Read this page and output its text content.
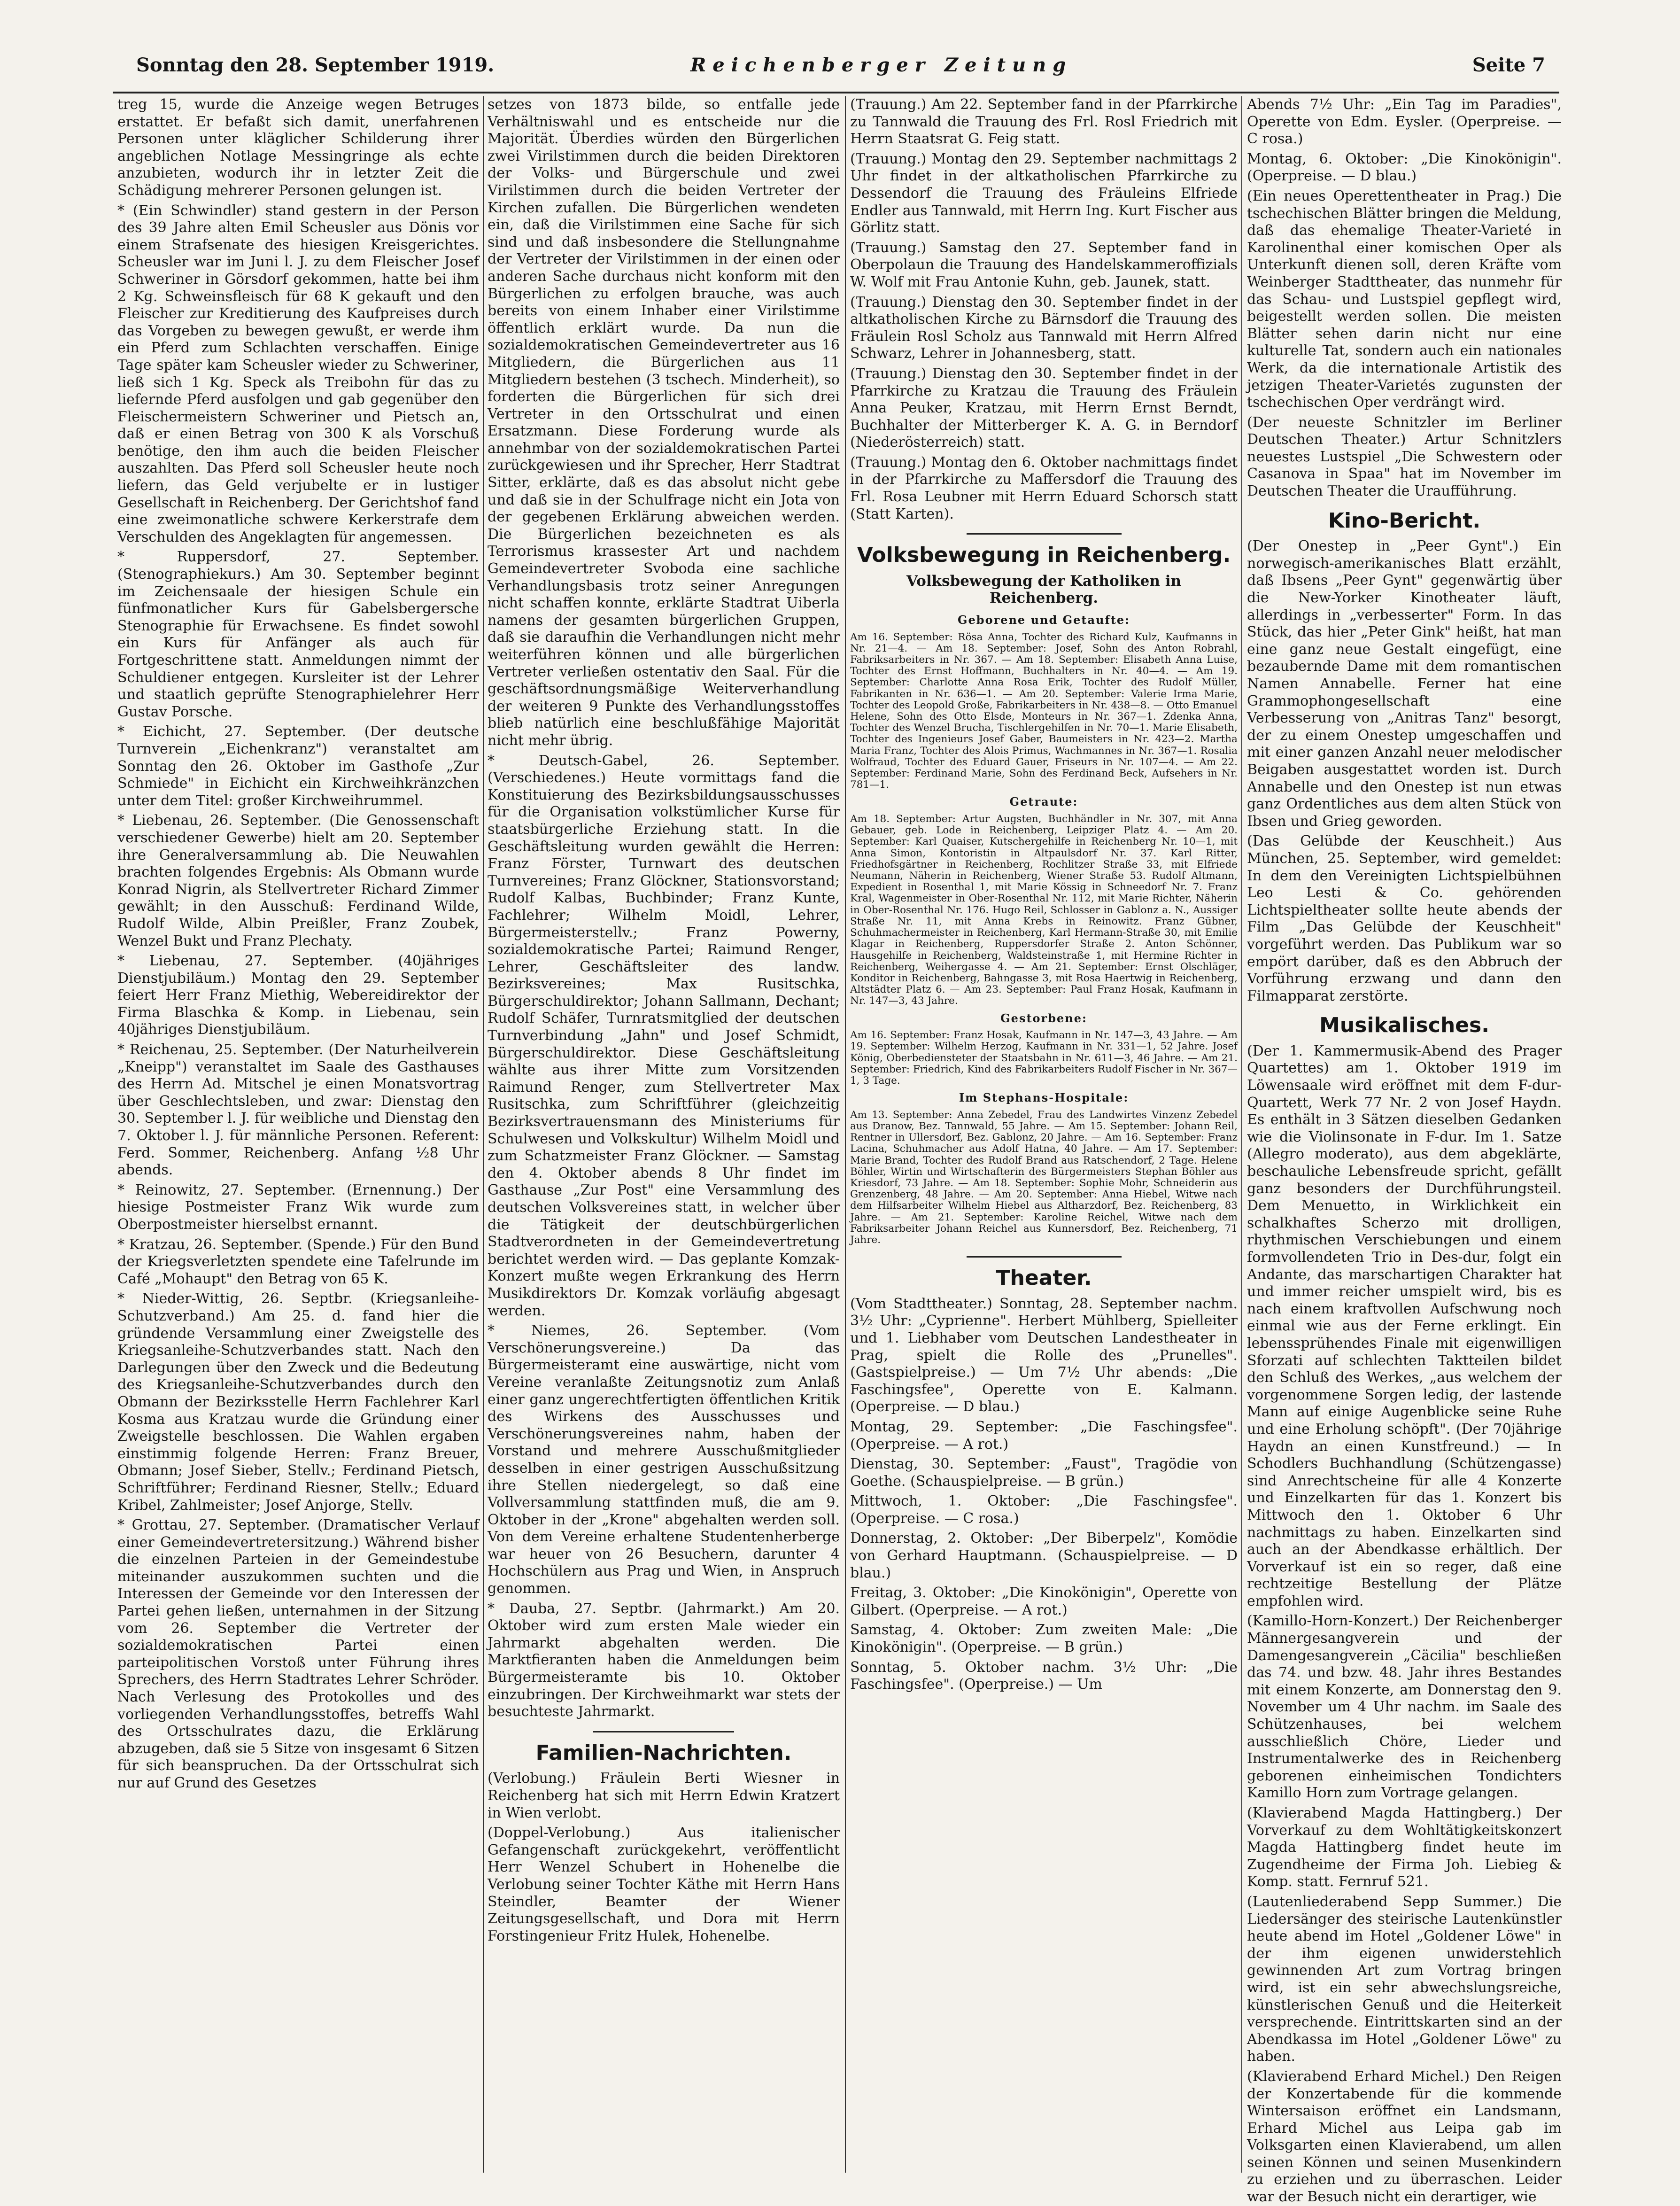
Sonntag den 28. September 1919.	Reichenberger Zeitung	Seite 7

treg 15, wurde die Anzeige wegen Betruges erstattet. Er befaßt sich damit, unerfahrenen Personen unter kläglicher Schilderung ihrer angeblichen Notlage Messingringe als echte anzubieten, wodurch ihr in letzter Zeit die Schädigung mehrerer Personen gelungen ist.

* (Ein Schwindler) stand gestern in der Person des 39 Jahre alten Emil Scheusler aus Dönis vor einem Strafsenate des hiesigen Kreisgerichtes. Scheusler war im Juni l. J. zu dem Fleischer Josef Schweriner in Görsdorf gekommen, hatte bei ihm 2 Kg. Schweinsfleisch für 68 K gekauft und den Fleischer zur Kreditierung des Kaufpreises durch das Vorgeben zu bewegen gewußt, er werde ihm ein Pferd zum Schlachten verschaffen. Einige Tage später kam Scheusler wieder zu Schweriner, ließ sich 1 Kg. Speck als Treibohn für das zu liefernde Pferd ausfolgen und gab gegenüber den Fleischermeistern Schweriner und Pietsch an, daß er einen Betrag von 300 K als Vorschuß benötige, den ihm auch die beiden Fleischer auszahlten. Das Pferd soll Scheusler heute noch liefern, das Geld verjubelte er in lustiger Gesellschaft in Reichenberg. Der Gerichtshof fand eine zweimonatliche schwere Kerkerstrafe dem Verschulden des Angeklagten für angemessen.

* Ruppersdorf, 27. September. (Stenographiekurs.) Am 30. September beginnt im Zeichensaale der hiesigen Schule ein fünfmonatlicher Kurs für Gabelsbergersche Stenographie für Erwachsene. Es findet sowohl ein Kurs für Anfänger als auch für Fortgeschrittene statt. Anmeldungen nimmt der Schuldiener entgegen. Kursleiter ist der Lehrer und staatlich geprüfte Stenographielehrer Herr Gustav Porsche.

* Eichicht, 27. September. (Der deutsche Turnverein „Eichenkranz") veranstaltet am Sonntag den 26. Oktober im Gasthofe „Zur Schmiede" in Eichicht ein Kirchweihkränzchen unter dem Titel: großer Kirchweihrummel.

* Liebenau, 26. September. (Die Genossenschaft verschiedener Gewerbe) hielt am 20. September ihre Generalversammlung ab. Die Neuwahlen brachten folgendes Ergebnis: Als Obmann wurde Konrad Nigrin, als Stellvertreter Richard Zimmer gewählt; in den Ausschuß: Ferdinand Wilde, Rudolf Wilde, Albin Preißler, Franz Zoubek, Wenzel Bukt und Franz Plechaty.

* Liebenau, 27. September. (40jähriges Dienstjubiläum.) Montag den 29. September feiert Herr Franz Miethig, Webereidirektor der Firma Blaschka & Komp. in Liebenau, sein 40jähriges Dienstjubiläum.

* Reichenau, 25. September. (Der Naturheilverein „Kneipp") veranstaltet im Saale des Gasthauses des Herrn Ad. Mitschel je einen Monatsvortrag über Geschlechtsleben, und zwar: Dienstag den 30. September l. J. für weibliche und Dienstag den 7. Oktober l. J. für männliche Personen. Referent: Ferd. Sommer, Reichenberg. Anfang ½8 Uhr abends.

* Reinowitz, 27. September. (Ernennung.) Der hiesige Postmeister Franz Wik wurde zum Oberpostmeister hierselbst ernannt.

* Kratzau, 26. September. (Spende.) Für den Bund der Kriegsverletzten spendete eine Tafelrunde im Café „Mohaupt" den Betrag von 65 K.

* Nieder-Wittig, 26. Septbr. (Kriegsanleihe-Schutzverband.) Am 25. d. fand hier die gründende Versammlung einer Zweigstelle des Kriegsanleihe-Schutzverbandes statt. Nach den Darlegungen über den Zweck und die Bedeutung des Kriegsanleihe-Schutzverbandes durch den Obmann der Bezirksstelle Herrn Fachlehrer Karl Kosma aus Kratzau wurde die Gründung einer Zweigstelle beschlossen. Die Wahlen ergaben einstimmig folgende Herren: Franz Breuer, Obmann; Josef Sieber, Stellv.; Ferdinand Pietsch, Schriftführer; Ferdinand Riesner, Stellv.; Eduard Kribel, Zahlmeister; Josef Anjorge, Stellv.

* Grottau, 27. September. (Dramatischer Verlauf einer Gemeindevertretersitzung.) Während bisher die einzelnen Parteien in der Gemeindestube miteinander auszukommen suchten und die Interessen der Gemeinde vor den Interessen der Partei gehen ließen, unternahmen in der Sitzung vom 26. September die Vertreter der sozialdemokratischen Partei einen parteipolitischen Vorstoß unter Führung ihres Sprechers, des Herrn Stadtrates Lehrer Schröder. Nach Verlesung des Protokolles und des vorliegenden Verhandlungsstoffes, betreffs Wahl des Ortsschulrates dazu, die Erklärung abzugeben, daß sie 5 Sitze von insgesamt 6 Sitzen für sich beanspruchen. Da der Ortsschulrat sich nur auf Grund des Gesetzes

setzes von 1873 bilde, so entfalle jede Verhältniswahl und es entscheide nur die Majorität. Überdies würden den Bürgerlichen zwei Virilstimmen durch die beiden Direktoren der Volks- und Bürgerschule und zwei Virilstimmen durch die beiden Vertreter der Kirchen zufallen. Die Bürgerlichen wendeten ein, daß die Virilstimmen eine Sache für sich sind und daß insbesondere die Stellungnahme der Vertreter der Virilstimmen in der einen oder anderen Sache durchaus nicht konform mit den Bürgerlichen zu erfolgen brauche, was auch bereits von einem Inhaber einer Virilstimme öffentlich erklärt wurde. Da nun die sozialdemokratischen Gemeindevertreter aus 16 Mitgliedern, die Bürgerlichen aus 11 Mitgliedern bestehen (3 tschech. Minderheit), so forderten die Bürgerlichen für sich drei Vertreter in den Ortsschulrat und einen Ersatzmann. Diese Forderung wurde als annehmbar von der sozialdemokratischen Partei zurückgewiesen und ihr Sprecher, Herr Stadtrat Sitter, erklärte, daß es das absolut nicht gebe und daß sie in der Schulfrage nicht ein Jota von der gegebenen Erklärung abweichen werden. Die Bürgerlichen bezeichneten es als Terrorismus krassester Art und nachdem Gemeindevertreter Svoboda eine sachliche Verhandlungsbasis trotz seiner Anregungen nicht schaffen konnte, erklärte Stadtrat Uiberla namens der gesamten bürgerlichen Gruppen, daß sie daraufhin die Verhandlungen nicht mehr weiterführen können und alle bürgerlichen Vertreter verließen ostentativ den Saal. Für die geschäftsordnungsmäßige Weiterverhandlung der weiteren 9 Punkte des Verhandlungsstoffes blieb natürlich eine beschlußfähige Majorität nicht mehr übrig.

* Deutsch-Gabel, 26. September. (Verschiedenes.) Heute vormittags fand die Konstituierung des Bezirksbildungsausschusses für die Organisation volkstümlicher Kurse für staatsbürgerliche Erziehung statt. In die Geschäftsleitung wurden gewählt die Herren: Franz Förster, Turnwart des deutschen Turnvereines; Franz Glöckner, Stationsvorstand; Rudolf Kalbas, Buchbinder; Franz Kunte, Fachlehrer; Wilhelm Moidl, Lehrer, Bürgermeisterstellv.; Franz Powerny, sozialdemokratische Partei; Raimund Renger, Lehrer, Geschäftsleiter des landw. Bezirksvereines; Max Rusitschka, Bürgerschuldirektor; Johann Sallmann, Dechant; Rudolf Schäfer, Turnratsmitglied der deutschen Turnverbindung „Jahn" und Josef Schmidt, Bürgerschuldirektor. Diese Geschäftsleitung wählte aus ihrer Mitte zum Vorsitzenden Raimund Renger, zum Stellvertreter Max Rusitschka, zum Schriftführer (gleichzeitig Bezirksvertrauensmann des Ministeriums für Schulwesen und Volkskultur) Wilhelm Moidl und zum Schatzmeister Franz Glöckner. — Samstag den 4. Oktober abends 8 Uhr findet im Gasthause „Zur Post" eine Versammlung des deutschen Volksvereines statt, in welcher über die Tätigkeit der deutschbürgerlichen Stadtverordneten in der Gemeindevertretung berichtet werden wird. — Das geplante Komzak-Konzert mußte wegen Erkrankung des Herrn Musikdirektors Dr. Komzak vorläufig abgesagt werden.

* Niemes, 26. September. (Vom Verschönerungsvereine.) Da das Bürgermeisteramt eine auswärtige, nicht vom Vereine veranlaßte Zeitungsnotiz zum Anlaß einer ganz ungerechtfertigten öffentlichen Kritik des Wirkens des Ausschusses und Verschönerungsvereines nahm, haben der Vorstand und mehrere Ausschußmitglieder desselben in einer gestrigen Ausschußsitzung ihre Stellen niedergelegt, so daß eine Vollversammlung stattfinden muß, die am 9. Oktober in der „Krone" abgehalten werden soll. Von dem Vereine erhaltene Studentenherberge war heuer von 26 Besuchern, darunter 4 Hochschülern aus Prag und Wien, in Anspruch genommen.

* Dauba, 27. Septbr. (Jahrmarkt.) Am 20. Oktober wird zum ersten Male wieder ein Jahrmarkt abgehalten werden. Die Marktfieranten haben die Anmeldungen beim Bürgermeisteramte bis 10. Oktober einzubringen. Der Kirchweihmarkt war stets der besuchteste Jahrmarkt.

Familien-Nachrichten.

(Verlobung.) Fräulein Berti Wiesner in Reichenberg hat sich mit Herrn Edwin Kratzert in Wien verlobt.

(Doppel-Verlobung.) Aus italienischer Gefangenschaft zurückgekehrt, veröffentlicht Herr Wenzel Schubert in Hohenelbe die Verlobung seiner Tochter Käthe mit Herrn Hans Steindler, Beamter der Wiener Zeitungsgesellschaft, und Dora mit Herrn Forstingenieur Fritz Hulek, Hohenelbe.

(Trauung.) Am 22. September fand in der Pfarrkirche zu Tannwald die Trauung des Frl. Rosl Friedrich mit Herrn Staatsrat G. Feig statt.

(Trauung.) Montag den 29. September nachmittags 2 Uhr findet in der altkatholischen Pfarrkirche zu Dessendorf die Trauung des Fräuleins Elfriede Endler aus Tannwald, mit Herrn Ing. Kurt Fischer aus Görlitz statt.

(Trauung.) Samstag den 27. September fand in Oberpolaun die Trauung des Handelskammeroffizials W. Wolf mit Frau Antonie Kuhn, geb. Jaunek, statt.

(Trauung.) Dienstag den 30. September findet in der altkatholischen Kirche zu Bärnsdorf die Trauung des Fräulein Rosl Scholz aus Tannwald mit Herrn Alfred Schwarz, Lehrer in Johannesberg, statt.

(Trauung.) Dienstag den 30. September findet in der Pfarrkirche zu Kratzau die Trauung des Fräulein Anna Peuker, Kratzau, mit Herrn Ernst Berndt, Buchhalter der Mitterberger K. A. G. in Berndorf (Niederösterreich) statt.

(Trauung.) Montag den 6. Oktober nachmittags findet in der Pfarrkirche zu Maffersdorf die Trauung des Frl. Rosa Leubner mit Herrn Eduard Schorsch statt (Statt Karten).

Volksbewegung in Reichenberg.
Volksbewegung der Katholiken in Reichenberg.
Geborene und Getaufte:

Am 16. September: Rösa Anna, Tochter des Richard Kulz, Kaufmanns in Nr. 21—4. — Am 18. September: Josef, Sohn des Anton Robrahl, Fabriksarbeiters in Nr. 367. — Am 18. September: Elisabeth Anna Luise, Tochter des Ernst Hoffmann, Buchhalters in Nr. 40—4. — Am 19. September: Charlotte Anna Rosa Erik, Tochter des Rudolf Müller, Fabrikanten in Nr. 636—1. — Am 20. September: Valerie Irma Marie, Tochter des Leopold Große, Fabrikarbeiters in Nr. 438—8. — Otto Emanuel Helene, Sohn des Otto Elsde, Monteurs in Nr. 367—1. Zdenka Anna, Tochter des Wenzel Brucha, Tischlergehilfen in Nr. 70—1. Marie Elisabeth, Tochter des Ingenieurs Josef Gaber, Baumeisters in Nr. 423—2. Martha Maria Franz, Tochter des Alois Primus, Wachmannes in Nr. 367—1. Rosalia Wolfraud, Tochter des Eduard Gauer, Friseurs in Nr. 107—4. — Am 22. September: Ferdinand Marie, Sohn des Ferdinand Beck, Aufsehers in Nr. 781—1.

Getraute:

Am 18. September: Artur Augsten, Buchhändler in Nr. 307, mit Anna Gebauer, geb. Lode in Reichenberg, Leipziger Platz 4. — Am 20. September: Karl Quaiser, Kutschergehilfe in Reichenberg Nr. 10—1, mit Anna Simon, Kontoristin in Altpaulsdorf Nr. 37. Karl Ritter, Friedhofsgärtner in Reichenberg, Rochlitzer Straße 33, mit Elfriede Neumann, Näherin in Reichenberg, Wiener Straße 53. Rudolf Altmann, Expedient in Rosenthal 1, mit Marie Kössig in Schneedorf Nr. 7. Franz Kral, Wagenmeister in Ober-Rosenthal Nr. 112, mit Marie Richter, Näherin in Ober-Rosenthal Nr. 176. Hugo Reil, Schlosser in Gablonz a. N., Aussiger Straße Nr. 11, mit Anna Krebs in Reinowitz. Franz Gübner, Schuhmachermeister in Reichenberg, Karl Hermann-Straße 30, mit Emilie Klagar in Reichenberg, Ruppersdorfer Straße 2. Anton Schönner, Hausgehilfe in Reichenberg, Waldsteinstraße 1, mit Hermine Richter in Reichenberg, Weihergasse 4. — Am 21. September: Ernst Olschläger, Konditor in Reichenberg, Bahngasse 3, mit Rosa Haertwig in Reichenberg, Altstädter Platz 6. — Am 23. September: Paul Franz Hosak, Kaufmann in Nr. 147—3, 43 Jahre.

Gestorbene:

Am 16. September: Franz Hosak, Kaufmann in Nr. 147—3, 43 Jahre. — Am 19. September: Wilhelm Herzog, Kaufmann in Nr. 331—1, 52 Jahre. Josef König, Oberbediensteter der Staatsbahn in Nr. 611—3, 46 Jahre. — Am 21. September: Friedrich, Kind des Fabrikarbeiters Rudolf Fischer in Nr. 367—1, 3 Tage.

Im Stephans-Hospitale:

Am 13. September: Anna Zebedel, Frau des Landwirtes Vinzenz Zebedel aus Dranow, Bez. Tannwald, 55 Jahre. — Am 15. September: Johann Reil, Rentner in Ullersdorf, Bez. Gablonz, 20 Jahre. — Am 16. September: Franz Lacina, Schuhmacher aus Adolf Hatna, 40 Jahre. — Am 17. September: Marie Brand, Tochter des Rudolf Brand aus Ratschendorf, 2 Tage. Helene Böhler, Wirtin und Wirtschafterin des Bürgermeisters Stephan Böhler aus Kriesdorf, 73 Jahre. — Am 18. September: Sophie Mohr, Schneiderin aus Grenzenberg, 48 Jahre. — Am 20. September: Anna Hiebel, Witwe nach dem Hilfsarbeiter Wilhelm Hiebel aus Altharzdorf, Bez. Reichenberg, 83 Jahre. — Am 21. September: Karoline Reichel, Witwe nach dem Fabriksarbeiter Johann Reichel aus Kunnersdorf, Bez. Reichenberg, 71 Jahre.

Theater.

(Vom Stadttheater.) Sonntag, 28. September nachm. 3½ Uhr: „Cyprienne". Herbert Mühlberg, Spielleiter und 1. Liebhaber vom Deutschen Landestheater in Prag, spielt die Rolle des „Prunelles". (Gastspielpreise.) — Um 7½ Uhr abends: „Die Faschingsfee", Operette von E. Kalmann. (Operpreise. — D blau.)

Montag, 29. September: „Die Faschingsfee". (Operpreise. — A rot.)

Dienstag, 30. September: „Faust", Tragödie von Goethe. (Schauspielpreise. — B grün.)

Mittwoch, 1. Oktober: „Die Faschingsfee". (Operpreise. — C rosa.)

Donnerstag, 2. Oktober: „Der Biberpelz", Komödie von Gerhard Hauptmann. (Schauspielpreise. — D blau.)

Freitag, 3. Oktober: „Die Kinokönigin", Operette von Gilbert. (Operpreise. — A rot.)

Samstag, 4. Oktober: Zum zweiten Male: „Die Kinokönigin". (Operpreise. — B grün.)

Sonntag, 5. Oktober nachm. 3½ Uhr: „Die Faschingsfee". (Operpreise.) — Um

Abends 7½ Uhr: „Ein Tag im Paradies", Operette von Edm. Eysler. (Operpreise. — C rosa.)

Montag, 6. Oktober: „Die Kinokönigin". (Operpreise. — D blau.)

(Ein neues Operettentheater in Prag.) Die tschechischen Blätter bringen die Meldung, daß das ehemalige Theater-Varieté in Karolinenthal einer komischen Oper als Unterkunft dienen soll, deren Kräfte vom Weinberger Stadttheater, das nunmehr für das Schau- und Lustspiel gepflegt wird, beigestellt werden sollen. Die meisten Blätter sehen darin nicht nur eine kulturelle Tat, sondern auch ein nationales Werk, da die internationale Artistik des jetzigen Theater-Varietés zugunsten der tschechischen Oper verdrängt wird.

(Der neueste Schnitzler im Berliner Deutschen Theater.) Artur Schnitzlers neuestes Lustspiel „Die Schwestern oder Casanova in Spaa" hat im November im Deutschen Theater die Uraufführung.

Kino-Bericht.

(Der Onestep in „Peer Gynt".) Ein norwegisch-amerikanisches Blatt erzählt, daß Ibsens „Peer Gynt" gegenwärtig über die New-Yorker Kinotheater läuft, allerdings in „verbesserter" Form. In das Stück, das hier „Peter Gink" heißt, hat man eine ganz neue Gestalt eingefügt, eine bezaubernde Dame mit dem romantischen Namen Annabelle. Ferner hat eine Grammophongesellschaft eine Verbesserung von „Anitras Tanz" besorgt, der zu einem Onestep umgeschaffen und mit einer ganzen Anzahl neuer melodischer Beigaben ausgestattet worden ist. Durch Annabelle und den Onestep ist nun etwas ganz Ordentliches aus dem alten Stück von Ibsen und Grieg geworden.

(Das Gelübde der Keuschheit.) Aus München, 25. September, wird gemeldet: In dem den Vereinigten Lichtspielbühnen Leo Lesti & Co. gehörenden Lichtspieltheater sollte heute abends der Film „Das Gelübde der Keuschheit" vorgeführt werden. Das Publikum war so empört darüber, daß es den Abbruch der Vorführung erzwang und dann den Filmapparat zerstörte.

Musikalisches.

(Der 1. Kammermusik-Abend des Prager Quartettes) am 1. Oktober 1919 im Löwensaale wird eröffnet mit dem F-dur-Quartett, Werk 77 Nr. 2 von Josef Haydn. Es enthält in 3 Sätzen dieselben Gedanken wie die Violinsonate in F-dur. Im 1. Satze (Allegro moderato), aus dem abgeklärte, beschauliche Lebensfreude spricht, gefällt ganz besonders der Durchführungsteil. Dem Menuetto, in Wirklichkeit ein schalkhaftes Scherzo mit drolligen, rhythmischen Verschiebungen und einem formvollendeten Trio in Des-dur, folgt ein Andante, das marschartigen Charakter hat und immer reicher umspielt wird, bis es nach einem kraftvollen Aufschwung noch einmal wie aus der Ferne erklingt. Ein lebenssprühendes Finale mit eigenwilligen Sforzati auf schlechten Taktteilen bildet den Schluß des Werkes, „aus welchem der vorgenommene Sorgen ledig, der lastende Mann auf einige Augenblicke seine Ruhe und eine Erholung schöpft". (Der 70jährige Haydn an einen Kunstfreund.) — In Schodlers Buchhandlung (Schützengasse) sind Anrechtscheine für alle 4 Konzerte und Einzelkarten für das 1. Konzert bis Mittwoch den 1. Oktober 6 Uhr nachmittags zu haben. Einzelkarten sind auch an der Abendkasse erhältlich. Der Vorverkauf ist ein so reger, daß eine rechtzeitige Bestellung der Plätze empfohlen wird.

(Kamillo-Horn-Konzert.) Der Reichenberger Männergesangverein und der Damengesangverein „Cäcilia" beschließen das 74. und bzw. 48. Jahr ihres Bestandes mit einem Konzerte, am Donnerstag den 9. November um 4 Uhr nachm. im Saale des Schützenhauses, bei welchem ausschließlich Chöre, Lieder und Instrumentalwerke des in Reichenberg geborenen einheimischen Tondichters Kamillo Horn zum Vortrage gelangen.

(Klavierabend Magda Hattingberg.) Der Vorverkauf zu dem Wohltätigkeitskonzert Magda Hattingberg findet heute im Zugendheime der Firma Joh. Liebieg & Komp. statt. Fernruf 521.

(Lautenliederabend Sepp Summer.) Die Liedersänger des steirische Lautenkünstler heute abend im Hotel „Goldener Löwe" in der ihm eigenen unwiderstehlich gewinnenden Art zum Vortrag bringen wird, ist ein sehr abwechslungsreiche, künstlerischen Genuß und die Heiterkeit versprechende. Eintrittskarten sind an der Abendkassa im Hotel „Goldener Löwe" zu haben.

(Klavierabend Erhard Michel.) Den Reigen der Konzertabende für die kommende Wintersaison eröffnet ein Landsmann, Erhard Michel aus Leipa gab im Volksgarten einen Klavierabend, um allen seinen Können und seinen Musenkindern zu erziehen und zu überraschen. Leider war der Besuch nicht ein derartiger, wie
